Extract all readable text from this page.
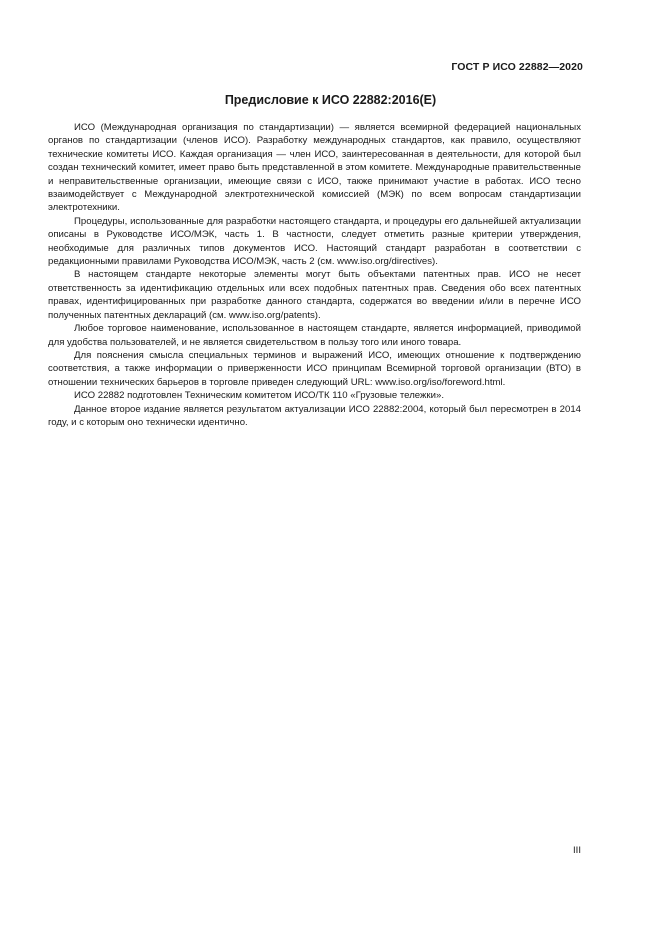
ГОСТ Р ИСО 22882—2020
Предисловие к ИСО 22882:2016(E)

ИСО (Международная организация по стандартизации) — является всемирной федерацией национальных органов по стандартизации (членов ИСО). Разработку международных стандартов, как правило, осуществляют технические комитеты ИСО. Каждая организация — член ИСО, заинтересованная в деятельности, для которой был создан технический комитет, имеет право быть представленной в этом комитете. Международные правительственные и неправительственные организации, имеющие связи с ИСО, также принимают участие в работах. ИСО тесно взаимодействует с Международной электротехнической комиссией (МЭК) по всем вопросам стандартизации электротехники.

Процедуры, использованные для разработки настоящего стандарта, и процедуры его дальнейшей актуализации описаны в Руководстве ИСО/МЭК, часть 1. В частности, следует отметить разные критерии утверждения, необходимые для различных типов документов ИСО. Настоящий стандарт разработан в соответствии с редакционными правилами Руководства ИСО/МЭК, часть 2 (см. www.iso.org/directives).

В настоящем стандарте некоторые элементы могут быть объектами патентных прав. ИСО не несет ответственность за идентификацию отдельных или всех подобных патентных прав. Сведения обо всех патентных правах, идентифицированных при разработке данного стандарта, содержатся во введении и/или в перечне ИСО полученных патентных деклараций (см. www.iso.org/patents).

Любое торговое наименование, использованное в настоящем стандарте, является информацией, приводимой для удобства пользователей, и не является свидетельством в пользу того или иного товара.

Для пояснения смысла специальных терминов и выражений ИСО, имеющих отношение к подтверждению соответствия, а также информации о приверженности ИСО принципам Всемирной торговой организации (ВТО) в отношении технических барьеров в торговле приведен следующий URL: www.iso.org/iso/foreword.html.

ИСО 22882 подготовлен Техническим комитетом ИСО/ТК 110 «Грузовые тележки».

Данное второе издание является результатом актуализации ИСО 22882:2004, который был пересмотрен в 2014 году, и с которым оно технически идентично.

III
